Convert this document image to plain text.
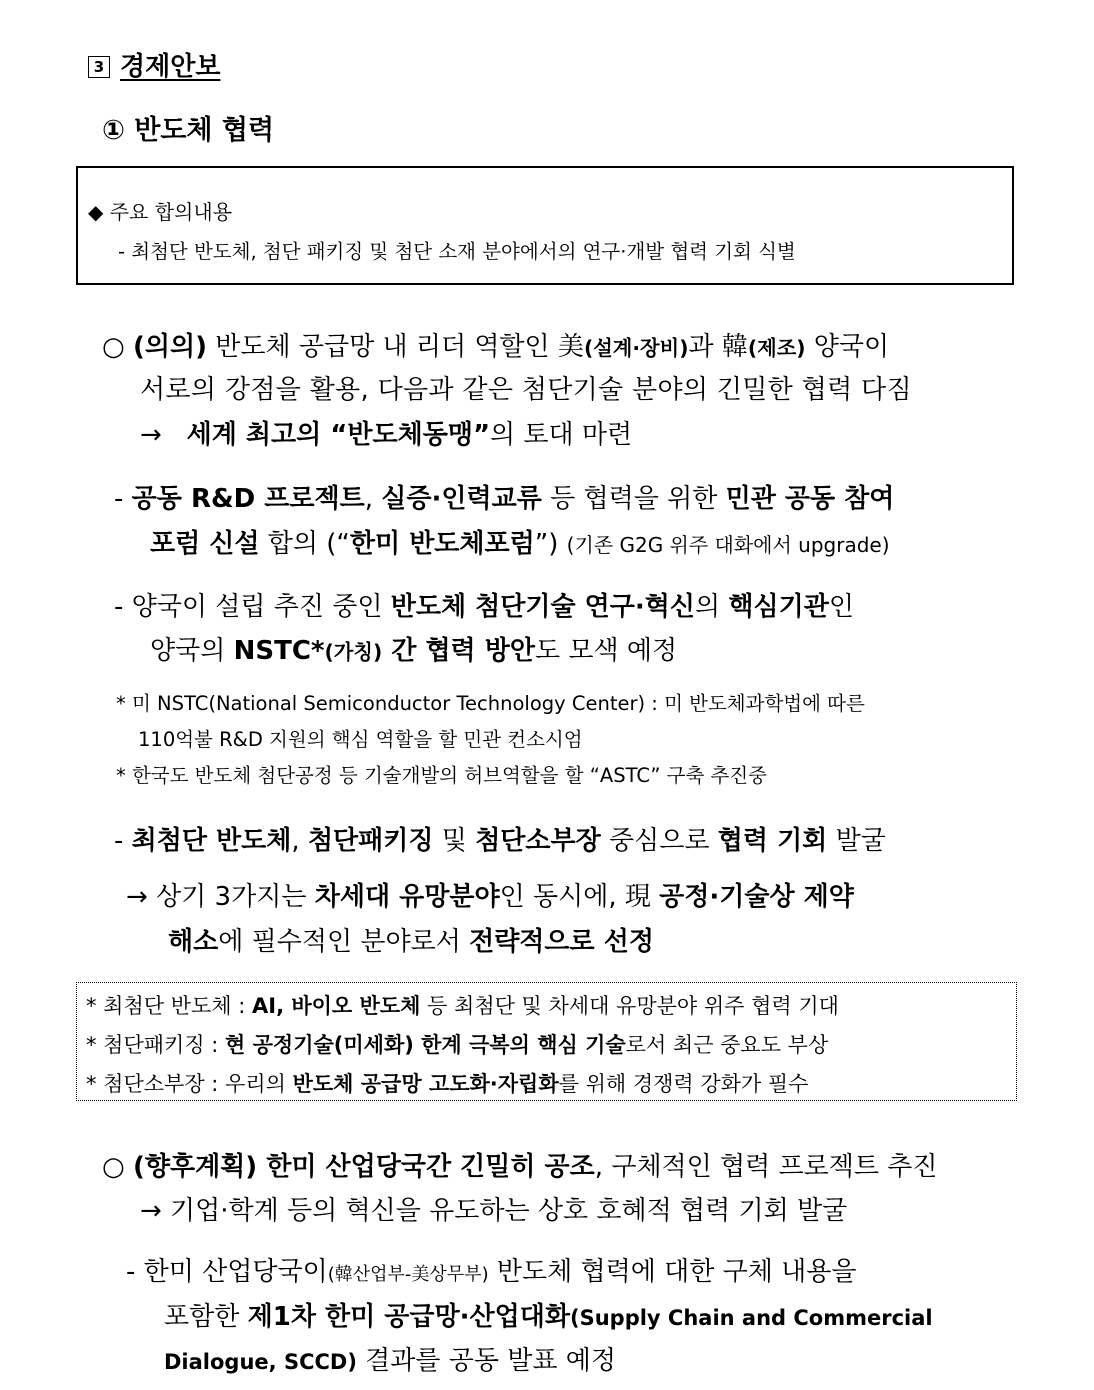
3 경제안보
① 반도체 협력
◆ 주요 합의내용
- 최첨단 반도체, 첨단 패키징 및 첨단 소재 분야에서의 연구·개발 협력 기회 식별
○ (의의) 반도체 공급망 내 리더 역할인 美(설계·장비)과 韓(제조) 양국이
서로의 강점을 활용, 다음과 같은 첨단기술 분야의 긴밀한 협력 다짐
→ 세계 최고의 “반도체동맹”의 토대 마련
- 공동 R&D 프로젝트, 실증·인력교류 등 협력을 위한 민관 공동 참여
포럼 신설 합의 (“한미 반도체포럼”) (기존 G2G 위주 대화에서 upgrade)
- 양국이 설립 추진 중인 반도체 첨단기술 연구·혁신의 핵심기관인
양국의 NSTC*(가칭) 간 협력 방안도 모색 예정
* 미 NSTC(National Semiconductor Technology Center) : 미 반도체과학법에 따른
110억불 R&D 지원의 핵심 역할을 할 민관 컨소시엄
* 한국도 반도체 첨단공정 등 기술개발의 허브역할을 할 “ASTC” 구축 추진중
- 최첨단 반도체, 첨단패키징 및 첨단소부장 중심으로 협력 기회 발굴
→ 상기 3가지는 차세대 유망분야인 동시에, 現 공정·기술상 제약
해소에 필수적인 분야로서 전략적으로 선정
* 최첨단 반도체 : AI, 바이오 반도체 등 최첨단 및 차세대 유망분야 위주 협력 기대
* 첨단패키징 : 현 공정기술(미세화) 한계 극복의 핵심 기술로서 최근 중요도 부상
* 첨단소부장 : 우리의 반도체 공급망 고도화·자립화를 위해 경쟁력 강화가 필수
○ (향후계획) 한미 산업당국간 긴밀히 공조, 구체적인 협력 프로젝트 추진
→ 기업·학계 등의 혁신을 유도하는 상호 호혜적 협력 기회 발굴
- 한미 산업당국이(韓산업부-美상무부) 반도체 협력에 대한 구체 내용을
포함한 제1차 한미 공급망·산업대화(Supply Chain and Commercial
Dialogue, SCCD) 결과를 공동 발표 예정
